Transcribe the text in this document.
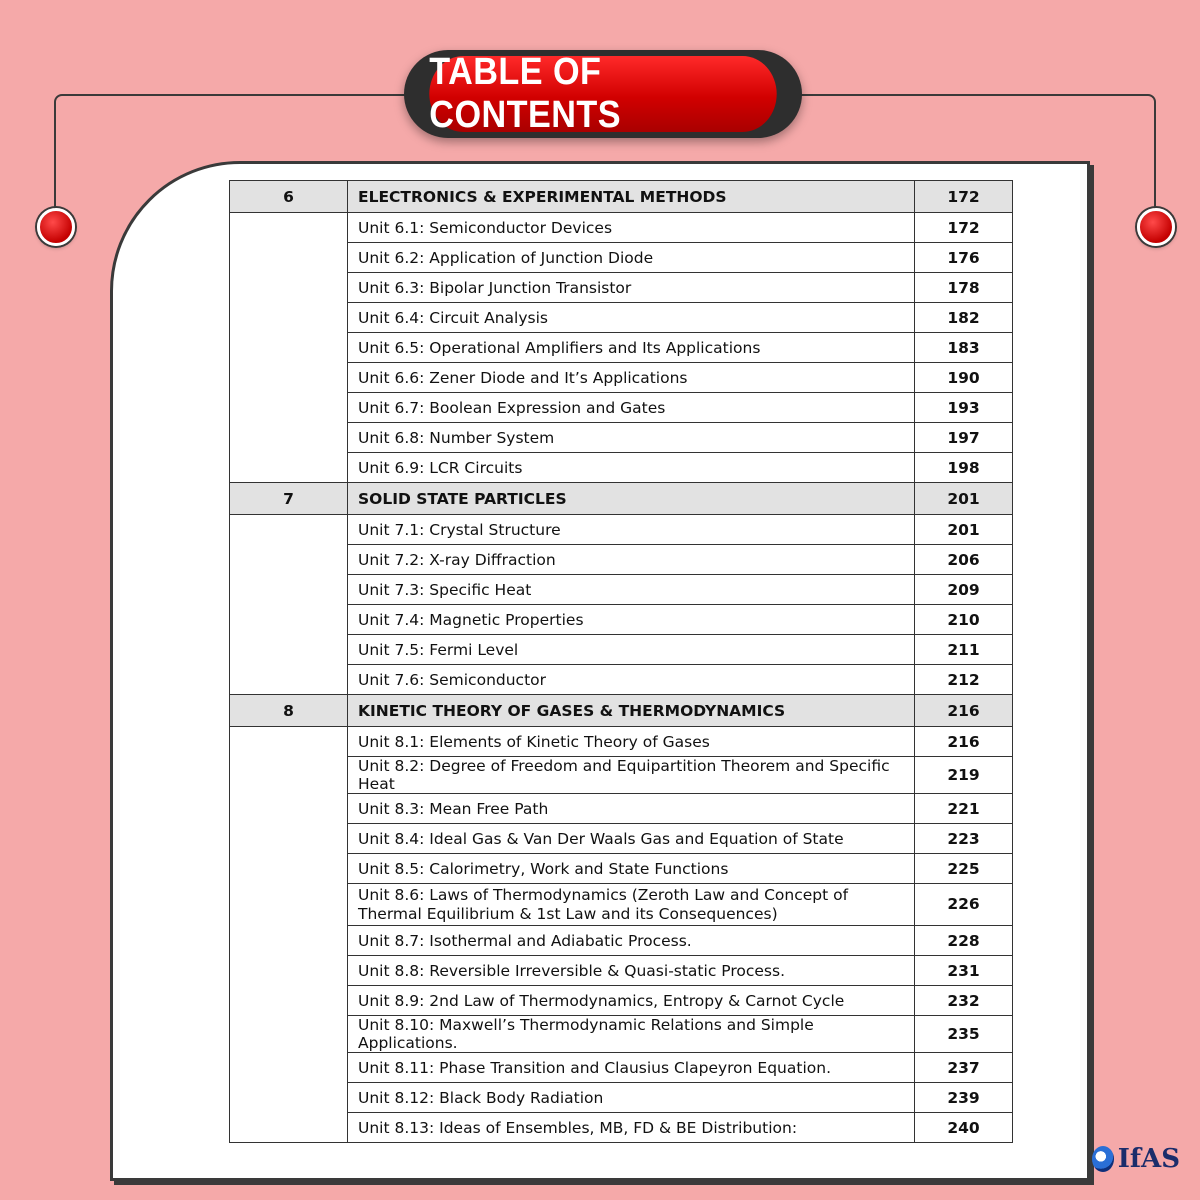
TABLE OF CONTENTS
6	ELECTRONICS & EXPERIMENTAL METHODS	172
	Unit 6.1: Semiconductor Devices	172
	Unit 6.2: Application of Junction Diode	176
	Unit 6.3: Bipolar Junction Transistor	178
	Unit 6.4: Circuit Analysis	182
	Unit 6.5: Operational Amplifiers and Its Applications	183
	Unit 6.6: Zener Diode and It’s Applications	190
	Unit 6.7: Boolean Expression and Gates	193
	Unit 6.8: Number System	197
	Unit 6.9: LCR Circuits	198
7	SOLID STATE PARTICLES	201
	Unit 7.1: Crystal Structure	201
	Unit 7.2: X-ray Diffraction	206
	Unit 7.3: Specific Heat	209
	Unit 7.4: Magnetic Properties	210
	Unit 7.5: Fermi Level	211
	Unit 7.6: Semiconductor	212
8	KINETIC THEORY OF GASES & THERMODYNAMICS	216
	Unit 8.1: Elements of Kinetic Theory of Gases	216
	Unit 8.2: Degree of Freedom and Equipartition Theorem and Specific Heat	219
	Unit 8.3: Mean Free Path	221
	Unit 8.4: Ideal Gas & Van Der Waals Gas and Equation of State	223
	Unit 8.5: Calorimetry, Work and State Functions	225
	Unit 8.6: Laws of Thermodynamics (Zeroth Law and Concept of Thermal Equilibrium & 1st Law and its Consequences)	226
	Unit 8.7: Isothermal and Adiabatic Process.	228
	Unit 8.8: Reversible Irreversible & Quasi-static Process.	231
	Unit 8.9: 2nd Law of Thermodynamics, Entropy & Carnot Cycle	232
	Unit 8.10: Maxwell’s Thermodynamic Relations and Simple Applications.	235
	Unit 8.11: Phase Transition and Clausius Clapeyron Equation.	237
	Unit 8.12: Black Body Radiation	239
	Unit 8.13: Ideas of Ensembles, MB, FD & BE Distribution:	240
IfAS
